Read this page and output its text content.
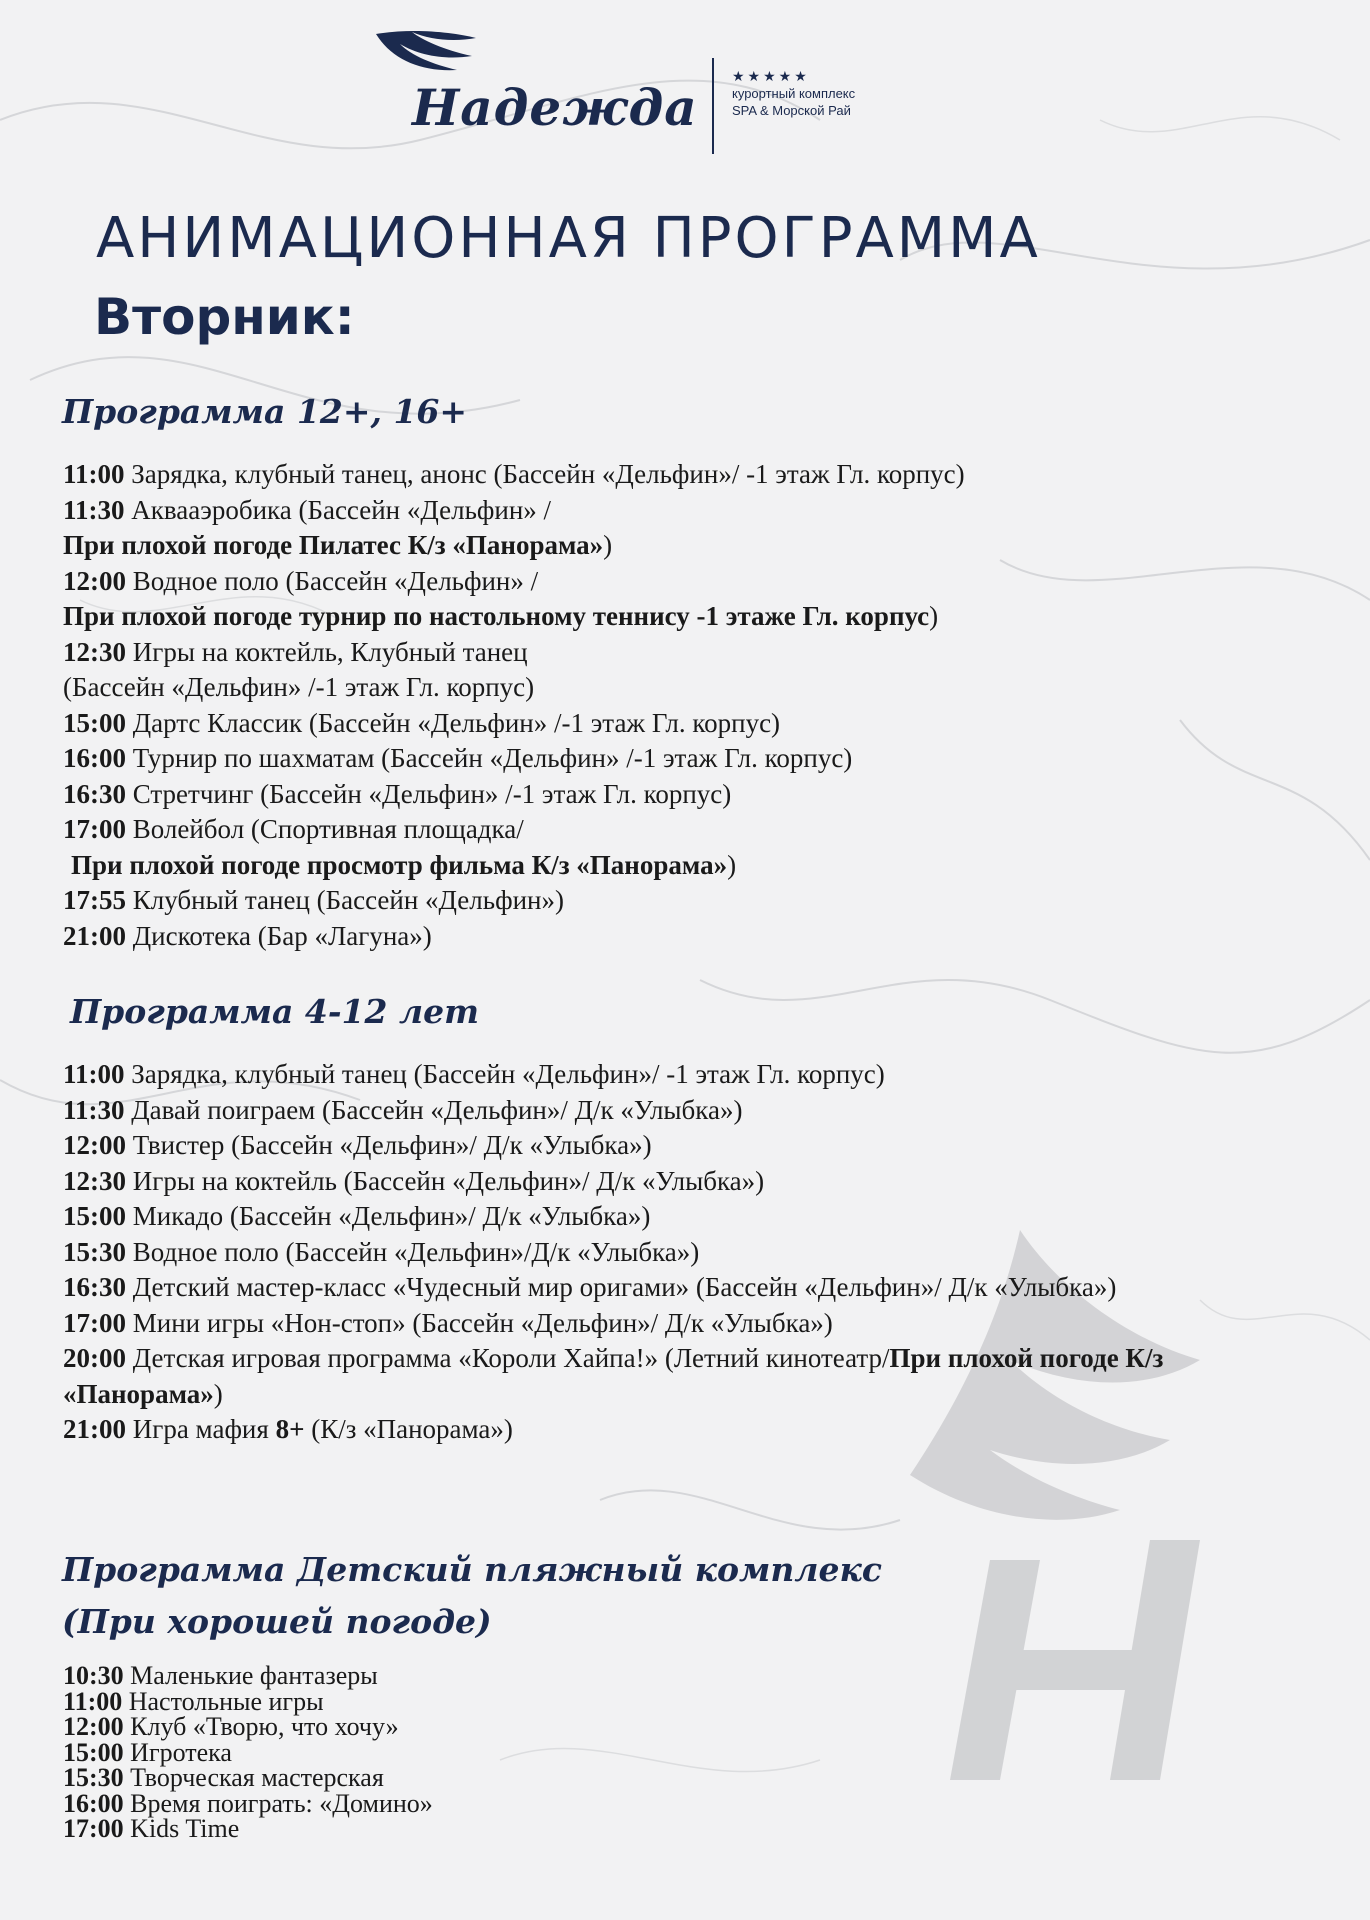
Надежда
★★★★★
курортный комплекс
SPA & Морской Рай
АНИМАЦИОННАЯ ПРОГРАММА
Вторник:
Программа 12+, 16+
11:00 Зарядка, клубный танец, анонс (Бассейн «Дельфин»/ -1 этаж Гл. корпус)
11:30 Аквааэробика (Бассейн «Дельфин» /
При плохой погоде Пилатес К/з «Панорама»)
12:00 Водное поло (Бассейн «Дельфин» /
При плохой погоде турнир по настольному теннису -1 этаже Гл. корпус)
12:30 Игры на коктейль, Клубный танец
(Бассейн «Дельфин» /-1 этаж Гл. корпус)
15:00 Дартс Классик (Бассейн «Дельфин» /-1 этаж Гл. корпус)
16:00 Турнир по шахматам (Бассейн «Дельфин» /-1 этаж Гл. корпус)
16:30 Стретчинг (Бассейн «Дельфин» /-1 этаж Гл. корпус)
17:00 Волейбол (Спортивная площадка/
При плохой погоде просмотр фильма К/з «Панорама»)
17:55 Клубный танец (Бассейн «Дельфин»)
21:00 Дискотека (Бар «Лагуна»)
Программа 4-12 лет
11:00 Зарядка, клубный танец (Бассейн «Дельфин»/ -1 этаж Гл. корпус)
11:30 Давай поиграем (Бассейн «Дельфин»/ Д/к «Улыбка»)
12:00 Твистер (Бассейн «Дельфин»/ Д/к «Улыбка»)
12:30 Игры на коктейль (Бассейн «Дельфин»/ Д/к «Улыбка»)
15:00 Микадо (Бассейн «Дельфин»/ Д/к «Улыбка»)
15:30 Водное поло (Бассейн «Дельфин»/Д/к «Улыбка»)
16:30 Детский мастер-класс «Чудесный мир оригами» (Бассейн «Дельфин»/ Д/к «Улыбка»)
17:00 Мини игры «Нон-стоп» (Бассейн «Дельфин»/ Д/к «Улыбка»)
20:00 Детская игровая программа «Короли Хайпа!» (Летний кинотеатр/При плохой погоде К/з «Панорама»)
21:00 Игра мафия 8+ (К/з «Панорама»)
Программа Детский пляжный комплекс
(При хорошей погоде)
10:30 Маленькие фантазеры
11:00 Настольные игры
12:00 Клуб «Творю, что хочу»
15:00 Игротека
15:30 Творческая мастерская
16:00 Время поиграть: «Домино»
17:00 Kids Time
